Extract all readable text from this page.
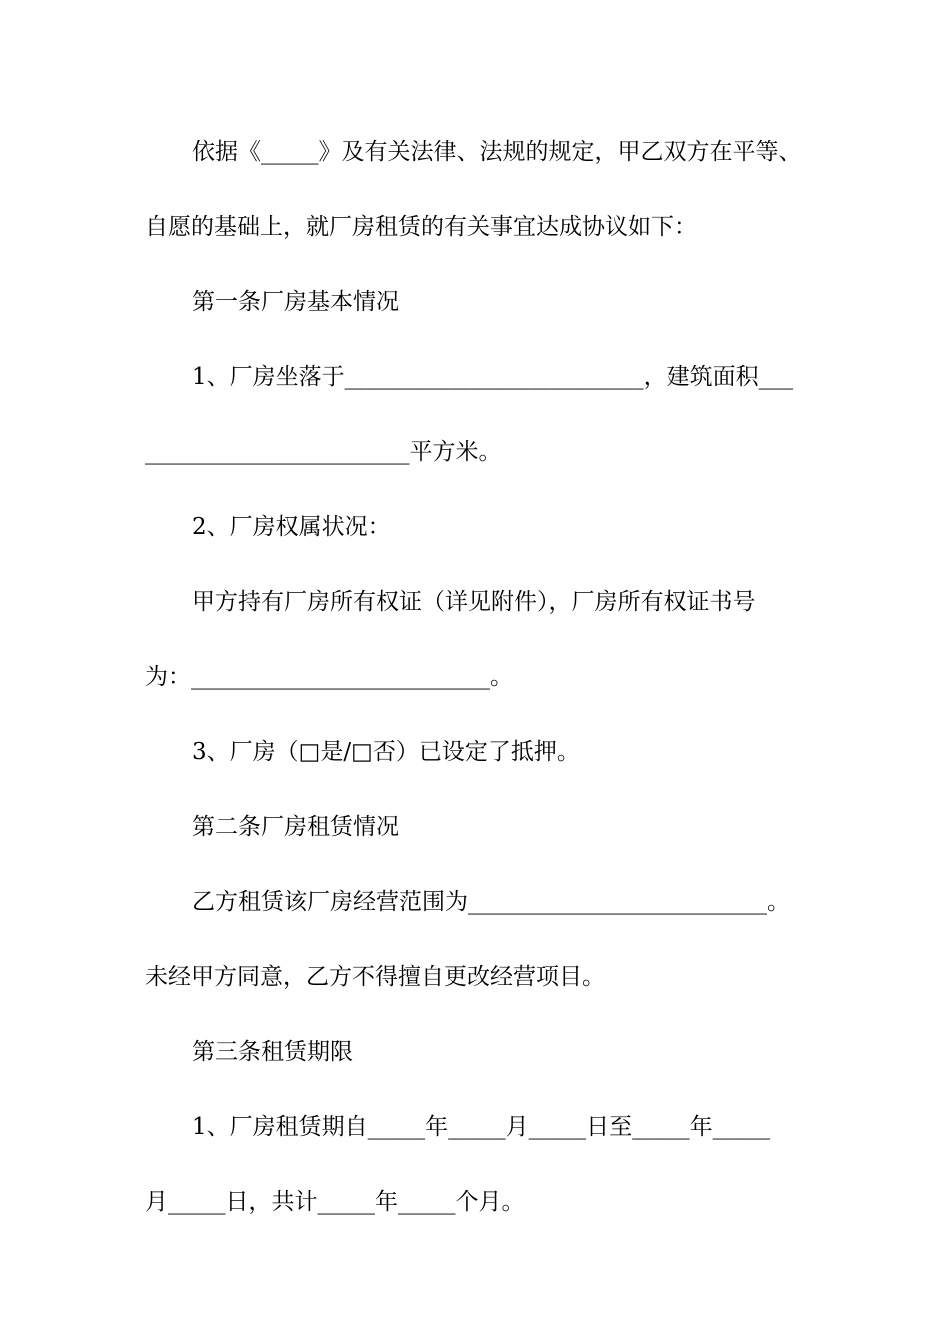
依据《_____》及有关法律、法规的规定，甲乙双方在平等、
自愿的基础上，就厂房租赁的有关事宜达成协议如下：
第一条厂房基本情况
1、厂房坐落于__________________________，建筑面积___
_______________________平方米。
2、厂房权属状况：
甲方持有厂房所有权证（详见附件），厂房所有权证书号
为：__________________________。
3、厂房（□是/□否）已设定了抵押。
第二条厂房租赁情况
乙方租赁该厂房经营范围为__________________________。
未经甲方同意，乙方不得擅自更改经营项目。
第三条租赁期限
1、厂房租赁期自_____年_____月_____日至_____年_____
月_____日，共计_____年_____个月。
